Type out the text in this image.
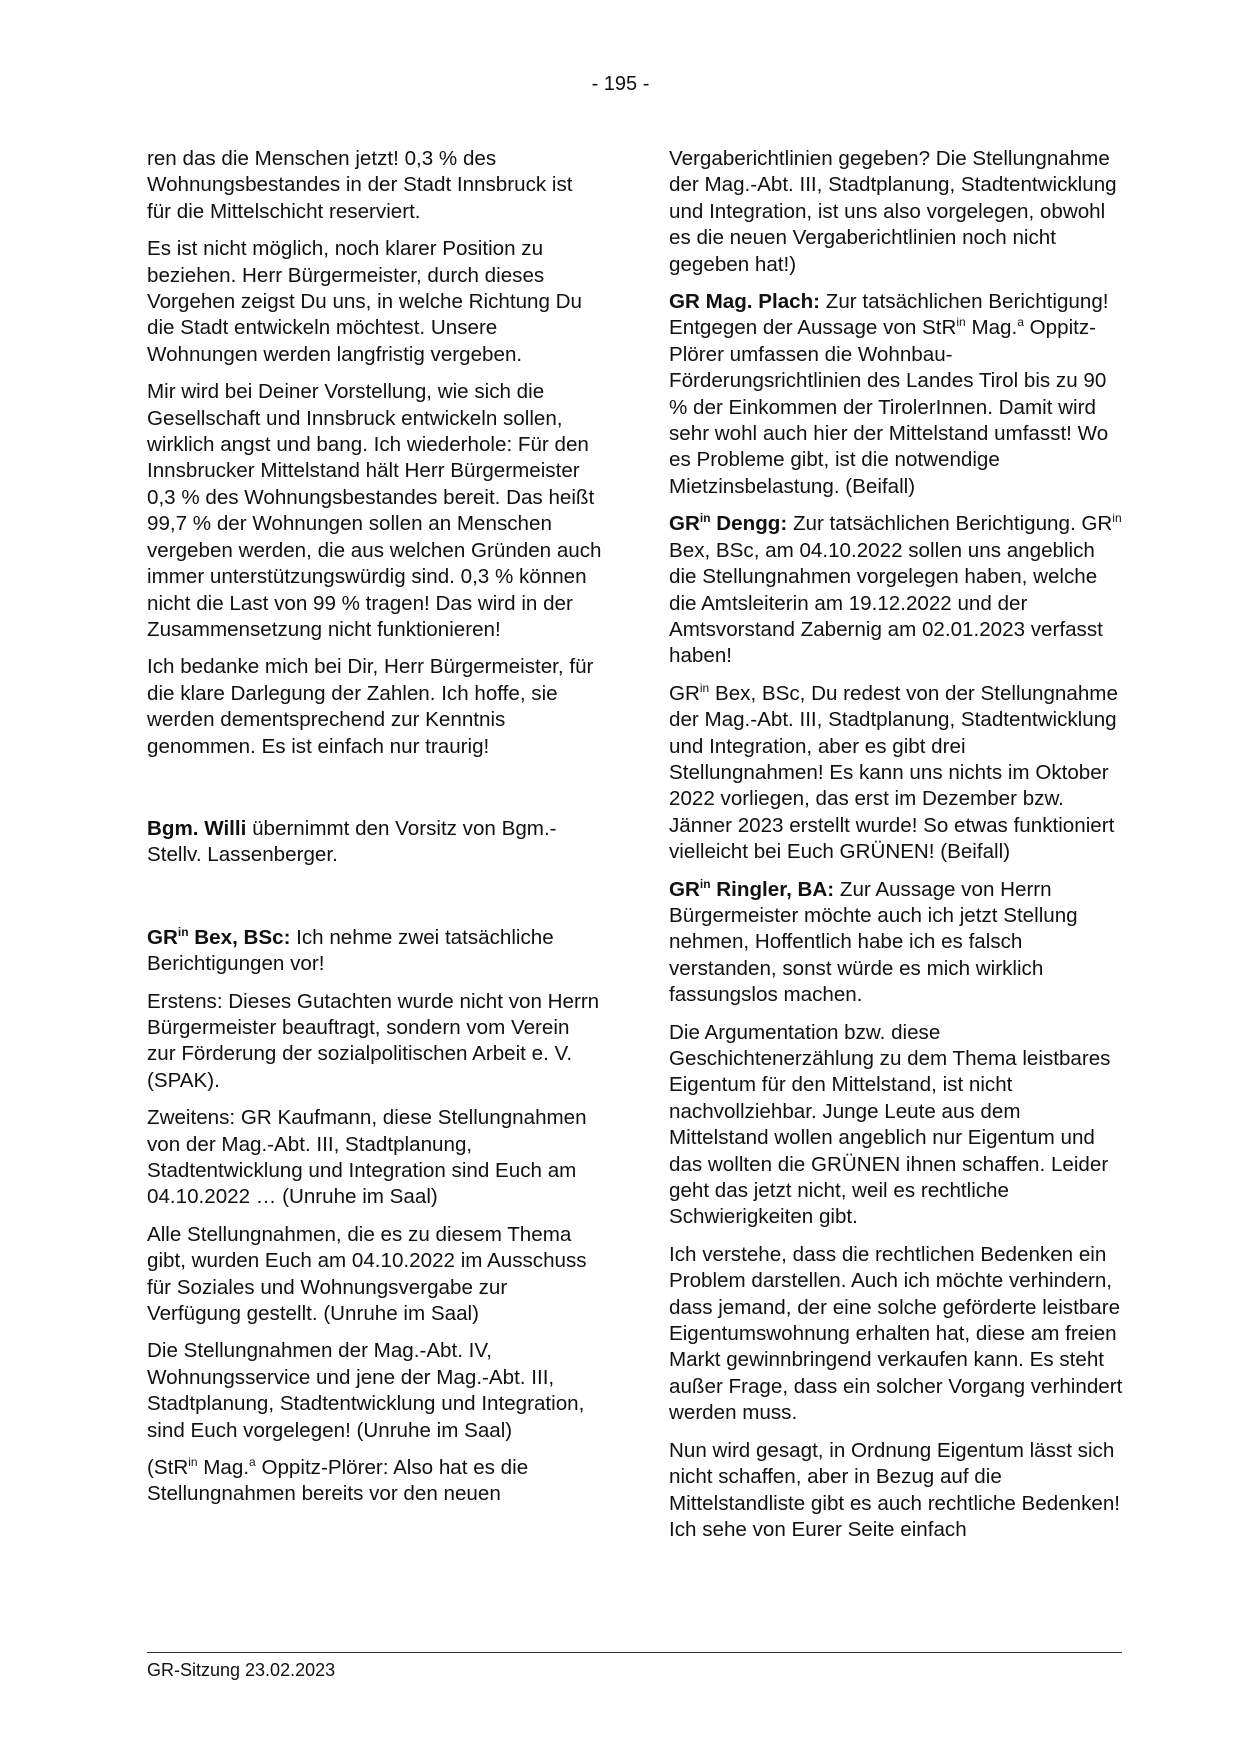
- 195 -

ren das die Menschen jetzt! 0,3 % des Wohnungsbestandes in der Stadt Innsbruck ist für die Mittelschicht reserviert.

Es ist nicht möglich, noch klarer Position zu beziehen. Herr Bürgermeister, durch dieses Vorgehen zeigst Du uns, in welche Richtung Du die Stadt entwickeln möchtest. Unsere Wohnungen werden langfristig vergeben.

Mir wird bei Deiner Vorstellung, wie sich die Gesellschaft und Innsbruck entwickeln sollen, wirklich angst und bang. Ich wiederhole: Für den Innsbrucker Mittelstand hält Herr Bürgermeister 0,3 % des Wohnungsbestandes bereit. Das heißt 99,7 % der Wohnungen sollen an Menschen vergeben werden, die aus welchen Gründen auch immer unterstützungswürdig sind. 0,3 % können nicht die Last von 99 % tragen! Das wird in der Zusammensetzung nicht funktionieren!

Ich bedanke mich bei Dir, Herr Bürgermeister, für die klare Darlegung der Zahlen. Ich hoffe, sie werden dementsprechend zur Kenntnis genommen. Es ist einfach nur traurig!

Bgm. Willi übernimmt den Vorsitz von Bgm.-Stellv. Lassenberger.

$GR^{in}$ Bex, BSc: Ich nehme zwei tatsächliche Berichtigungen vor!

Erstens: Dieses Gutachten wurde nicht von Herrn Bürgermeister beauftragt, sondern vom Verein zur Förderung der sozialpolitischen Arbeit e. V. (SPAK).

Zweitens: GR Kaufmann, diese Stellungnahmen von der Mag.-Abt. III, Stadtplanung, Stadtentwicklung und Integration sind Euch am 04.10.2022 … (Unruhe im Saal)

Alle Stellungnahmen, die es zu diesem Thema gibt, wurden Euch am 04.10.2022 im Ausschuss für Soziales und Wohnungsvergabe zur Verfügung gestellt. (Unruhe im Saal)

Die Stellungnahmen der Mag.-Abt. IV, Wohnungsservice und jene der Mag.-Abt. III, Stadtplanung, Stadtentwicklung und Integration, sind Euch vorgelegen! (Unruhe im Saal)

(StR$^{in}$ Mag.$^a$ Oppitz-Plörer: Also hat es die Stellungnahmen bereits vor den neuen

Vergaberichtlinien gegeben? Die Stellungnahme der Mag.-Abt. III, Stadtplanung, Stadtentwicklung und Integration, ist uns also vorgelegen, obwohl es die neuen Vergaberichtlinien noch nicht gegeben hat!)

GR Mag. Plach: Zur tatsächlichen Berichtigung! Entgegen der Aussage von StR$^{in}$ Mag.$^a$ Oppitz-Plörer umfassen die Wohnbau-Förderungsrichtlinien des Landes Tirol bis zu 90 % der Einkommen der TirolerInnen. Damit wird sehr wohl auch hier der Mittelstand umfasst! Wo es Probleme gibt, ist die notwendige Mietzinsbelastung. (Beifall)

$GR^{in}$ Dengg: Zur tatsächlichen Berichtigung. $GR^{in}$ Bex, BSc, am 04.10.2022 sollen uns angeblich die Stellungnahmen vorgelegen haben, welche die Amtsleiterin am 19.12.2022 und der Amtsvorstand Zabernig am 02.01.2023 verfasst haben!

$GR^{in}$ Bex, BSc, Du redest von der Stellungnahme der Mag.-Abt. III, Stadtplanung, Stadtentwicklung und Integration, aber es gibt drei Stellungnahmen! Es kann uns nichts im Oktober 2022 vorliegen, das erst im Dezember bzw. Jänner 2023 erstellt wurde! So etwas funktioniert vielleicht bei Euch GRÜNEN! (Beifall)

$GR^{in}$ Ringler, BA: Zur Aussage von Herrn Bürgermeister möchte auch ich jetzt Stellung nehmen, Hoffentlich habe ich es falsch verstanden, sonst würde es mich wirklich fassungslos machen.

Die Argumentation bzw. diese Geschichtenerzählung zu dem Thema leistbares Eigentum für den Mittelstand, ist nicht nachvollziehbar. Junge Leute aus dem Mittelstand wollen angeblich nur Eigentum und das wollten die GRÜNEN ihnen schaffen. Leider geht das jetzt nicht, weil es rechtliche Schwierigkeiten gibt.

Ich verstehe, dass die rechtlichen Bedenken ein Problem darstellen. Auch ich möchte verhindern, dass jemand, der eine solche geförderte leistbare Eigentumswohnung erhalten hat, diese am freien Markt gewinnbringend verkaufen kann. Es steht außer Frage, dass ein solcher Vorgang verhindert werden muss.

Nun wird gesagt, in Ordnung Eigentum lässt sich nicht schaffen, aber in Bezug auf die Mittelstandliste gibt es auch rechtliche Bedenken! Ich sehe von Eurer Seite einfach

GR-Sitzung 23.02.2023
